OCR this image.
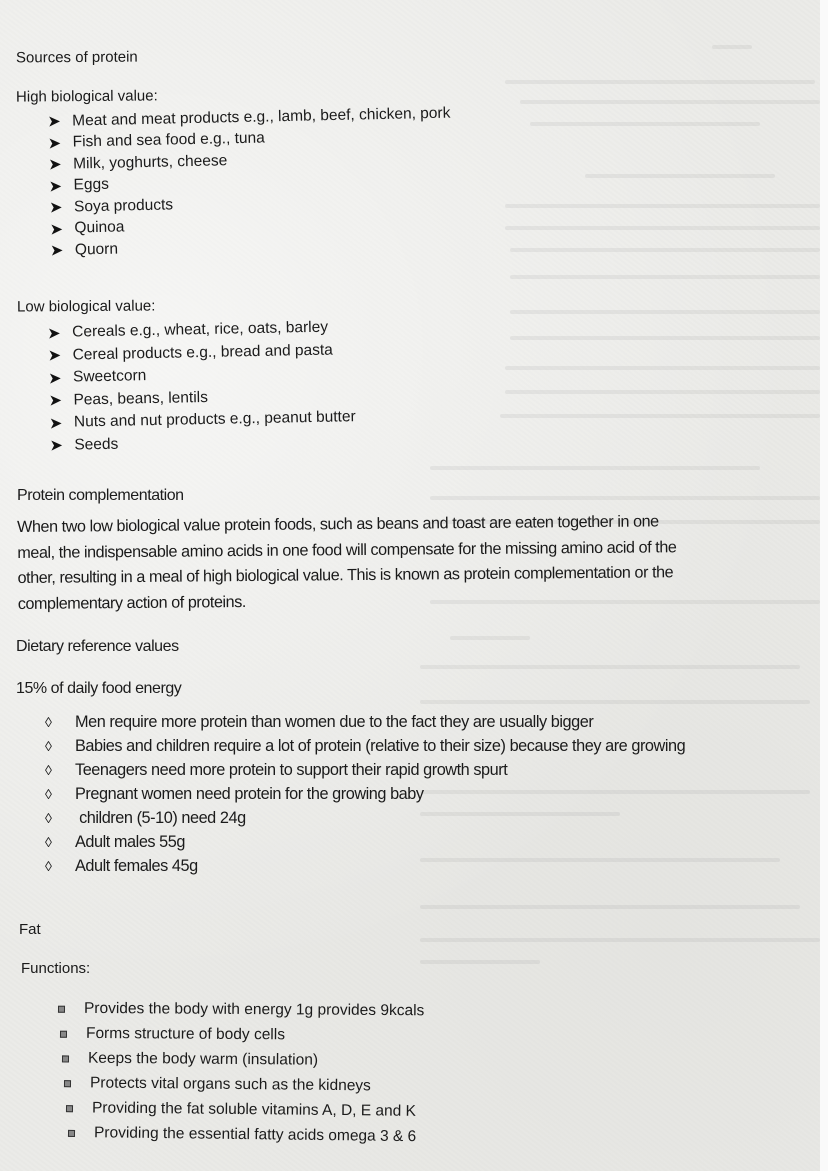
Sources of protein
High biological value:
➤ Meat and meat products e.g., lamb, beef, chicken, pork
➤ Fish and sea food e.g., tuna
➤ Milk, yoghurts, cheese
➤ Eggs
➤ Soya products
➤ Quinoa
➤ Quorn
Low biological value:
➤ Cereals e.g., wheat, rice, oats, barley
➤ Cereal products e.g., bread and pasta
➤ Sweetcorn
➤ Peas, beans, lentils
➤ Nuts and nut products e.g., peanut butter
➤ Seeds
Protein complementation

When two low biological value protein foods, such as beans and toast are eaten together in one

meal, the indispensable amino acids in one food will compensate for the missing amino acid of the

other, resulting in a meal of high biological value. This is known as protein complementation or the

complementary action of proteins.

Dietary reference values
15% of daily food energy
◊	Men require more protein than women due to the fact they are usually bigger
◊	Babies and children require a lot of protein (relative to their size) because they are growing
◊	Teenagers need more protein to support their rapid growth spurt
◊	Pregnant women need protein for the growing baby
◊	children (5-10) need 24g
◊	Adult males 55g
◊	Adult females 45g
Fat
Functions:
Provides the body with energy 1g provides 9kcals
Forms structure of body cells
Keeps the body warm (insulation)
Protects vital organs such as the kidneys
Providing the fat soluble vitamins A, D, E and K
Providing the essential fatty acids omega 3 & 6
